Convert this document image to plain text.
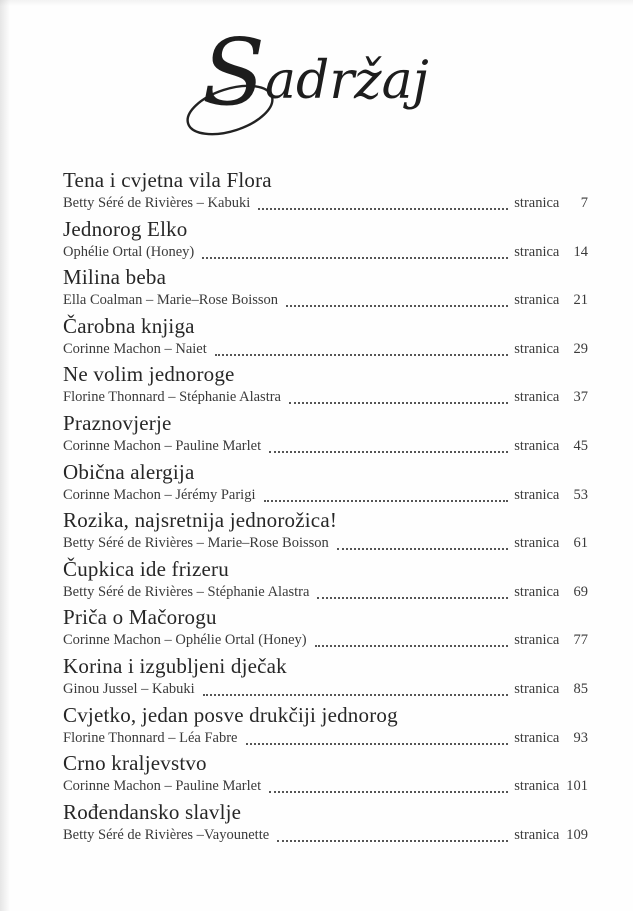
Sadržaj
Tena i cvjetna vila Flora
Betty Séré de Rivières – Kabuki	stranica 7
Jednorog Elko
Ophélie Ortal (Honey)	stranica 14
Milina beba
Ella Coalman – Marie–Rose Boisson	stranica 21
Čarobna knjiga
Corinne Machon – Naiet	stranica 29
Ne volim jednoroge
Florine Thonnard – Stéphanie Alastra	stranica 37
Praznovjerje
Corinne Machon – Pauline Marlet	stranica 45
Obična alergija
Corinne Machon – Jérémy Parigi	stranica 53
Rozika, najsretnija jednorožica!
Betty Séré de Rivières – Marie–Rose Boisson	stranica 61
Čupkica ide frizeru
Betty Séré de Rivières – Stéphanie Alastra	stranica 69
Priča o Mačorogu
Corinne Machon – Ophélie Ortal (Honey)	stranica 77
Korina i izgubljeni dječak
Ginou Jussel – Kabuki	stranica 85
Cvjetko, jedan posve drukčiji jednorog
Florine Thonnard – Léa Fabre	stranica 93
Crno kraljevstvo
Corinne Machon – Pauline Marlet	stranica 101
Rođendansko slavlje
Betty Séré de Rivières –Vayounette	stranica 109
